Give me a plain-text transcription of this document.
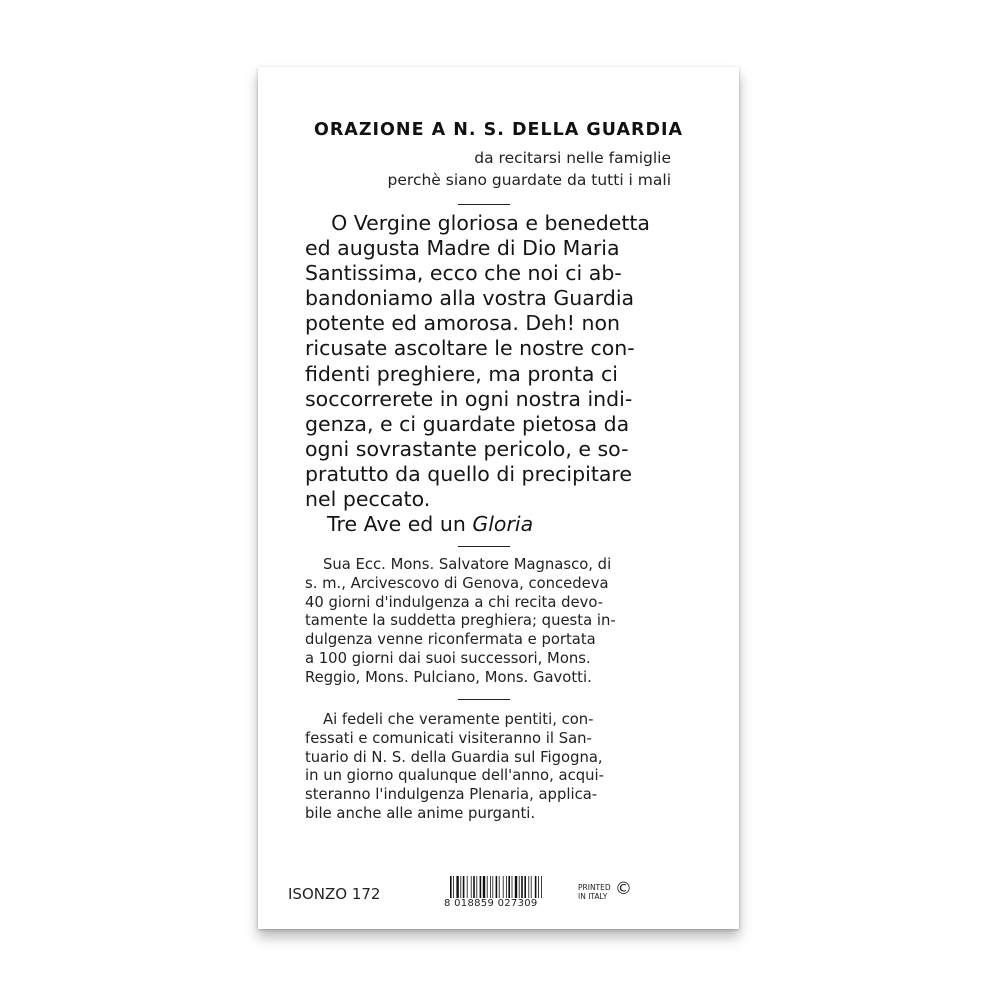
ORAZIONE A N. S. DELLA GUARDIA
da recitarsi nelle famiglie
perchè siano guardate da tutti i mali
O Vergine gloriosa e benedetta
ed augusta Madre di Dio Maria
Santissima, ecco che noi ci ab-
bandoniamo alla vostra Guardia
potente ed amorosa. Deh! non
ricusate ascoltare le nostre con-
fidenti preghiere, ma pronta ci
soccorrerete in ogni nostra indi-
genza, e ci guardate pietosa da
ogni sovrastante pericolo, e so-
pratutto da quello di precipitare
nel peccato.
Tre Ave ed un Gloria
Sua Ecc. Mons. Salvatore Magnasco, di
s. m., Arcivescovo di Genova, concedeva
40 giorni d'indulgenza a chi recita devo-
tamente la suddetta preghiera; questa in-
dulgenza venne riconfermata e portata
a 100 giorni dai suoi successori, Mons.
Reggio, Mons. Pulciano, Mons. Gavotti.
Ai fedeli che veramente pentiti, con-
fessati e comunicati visiteranno il San-
tuario di N. S. della Guardia sul Figogna,
in un giorno qualunque dell'anno, acqui-
steranno l'indulgenza Plenaria, applica-
bile anche alle anime purganti.
ISONZO 172
8 018859 027309
PRINTED
IN ITALY ©
